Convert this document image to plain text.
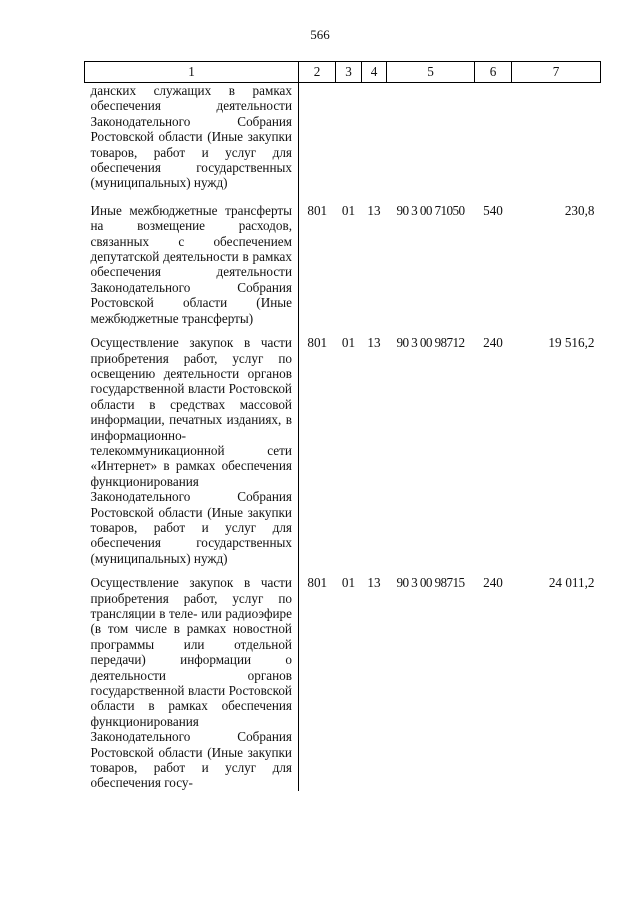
566
1	2	3	4	5	6	7
данских служащих в рамках обеспечения деятельности Законодательного Собрания Ростовской области (Иные закупки товаров, работ и услуг для обеспечения государственных (муниципальных) нужд)						
Иные межбюджетные трансферты на возмещение расходов, связанных с обеспечением депутатской деятельности в рамках обеспечения деятельности Законодательного Собрания Ростовской области (Иные межбюджетные трансферты)	801	01	13	90 3 00 71050	540	230,8
Осуществление закупок в части приобретения работ, услуг по освещению деятельности органов государственной власти Ростовской области в средствах массовой информации, печатных изданиях, в информационно-телекоммуникационной сети «Интернет» в рамках обеспечения функционирования Законодательного Собрания Ростовской области (Иные закупки товаров, работ и услуг для обеспечения государственных (муниципальных) нужд)	801	01	13	90 3 00 98712	240	19 516,2
Осуществление закупок в части приобретения работ, услуг по трансляции в теле- или радиоэфире (в том числе в рамках новостной программы или отдельной передачи) информации о деятельности органов государственной власти Ростовской области в рамках обеспечения функционирования Законодательного Собрания Ростовской области (Иные закупки товаров, работ и услуг для обеспечения госу-	801	01	13	90 3 00 98715	240	24 011,2
